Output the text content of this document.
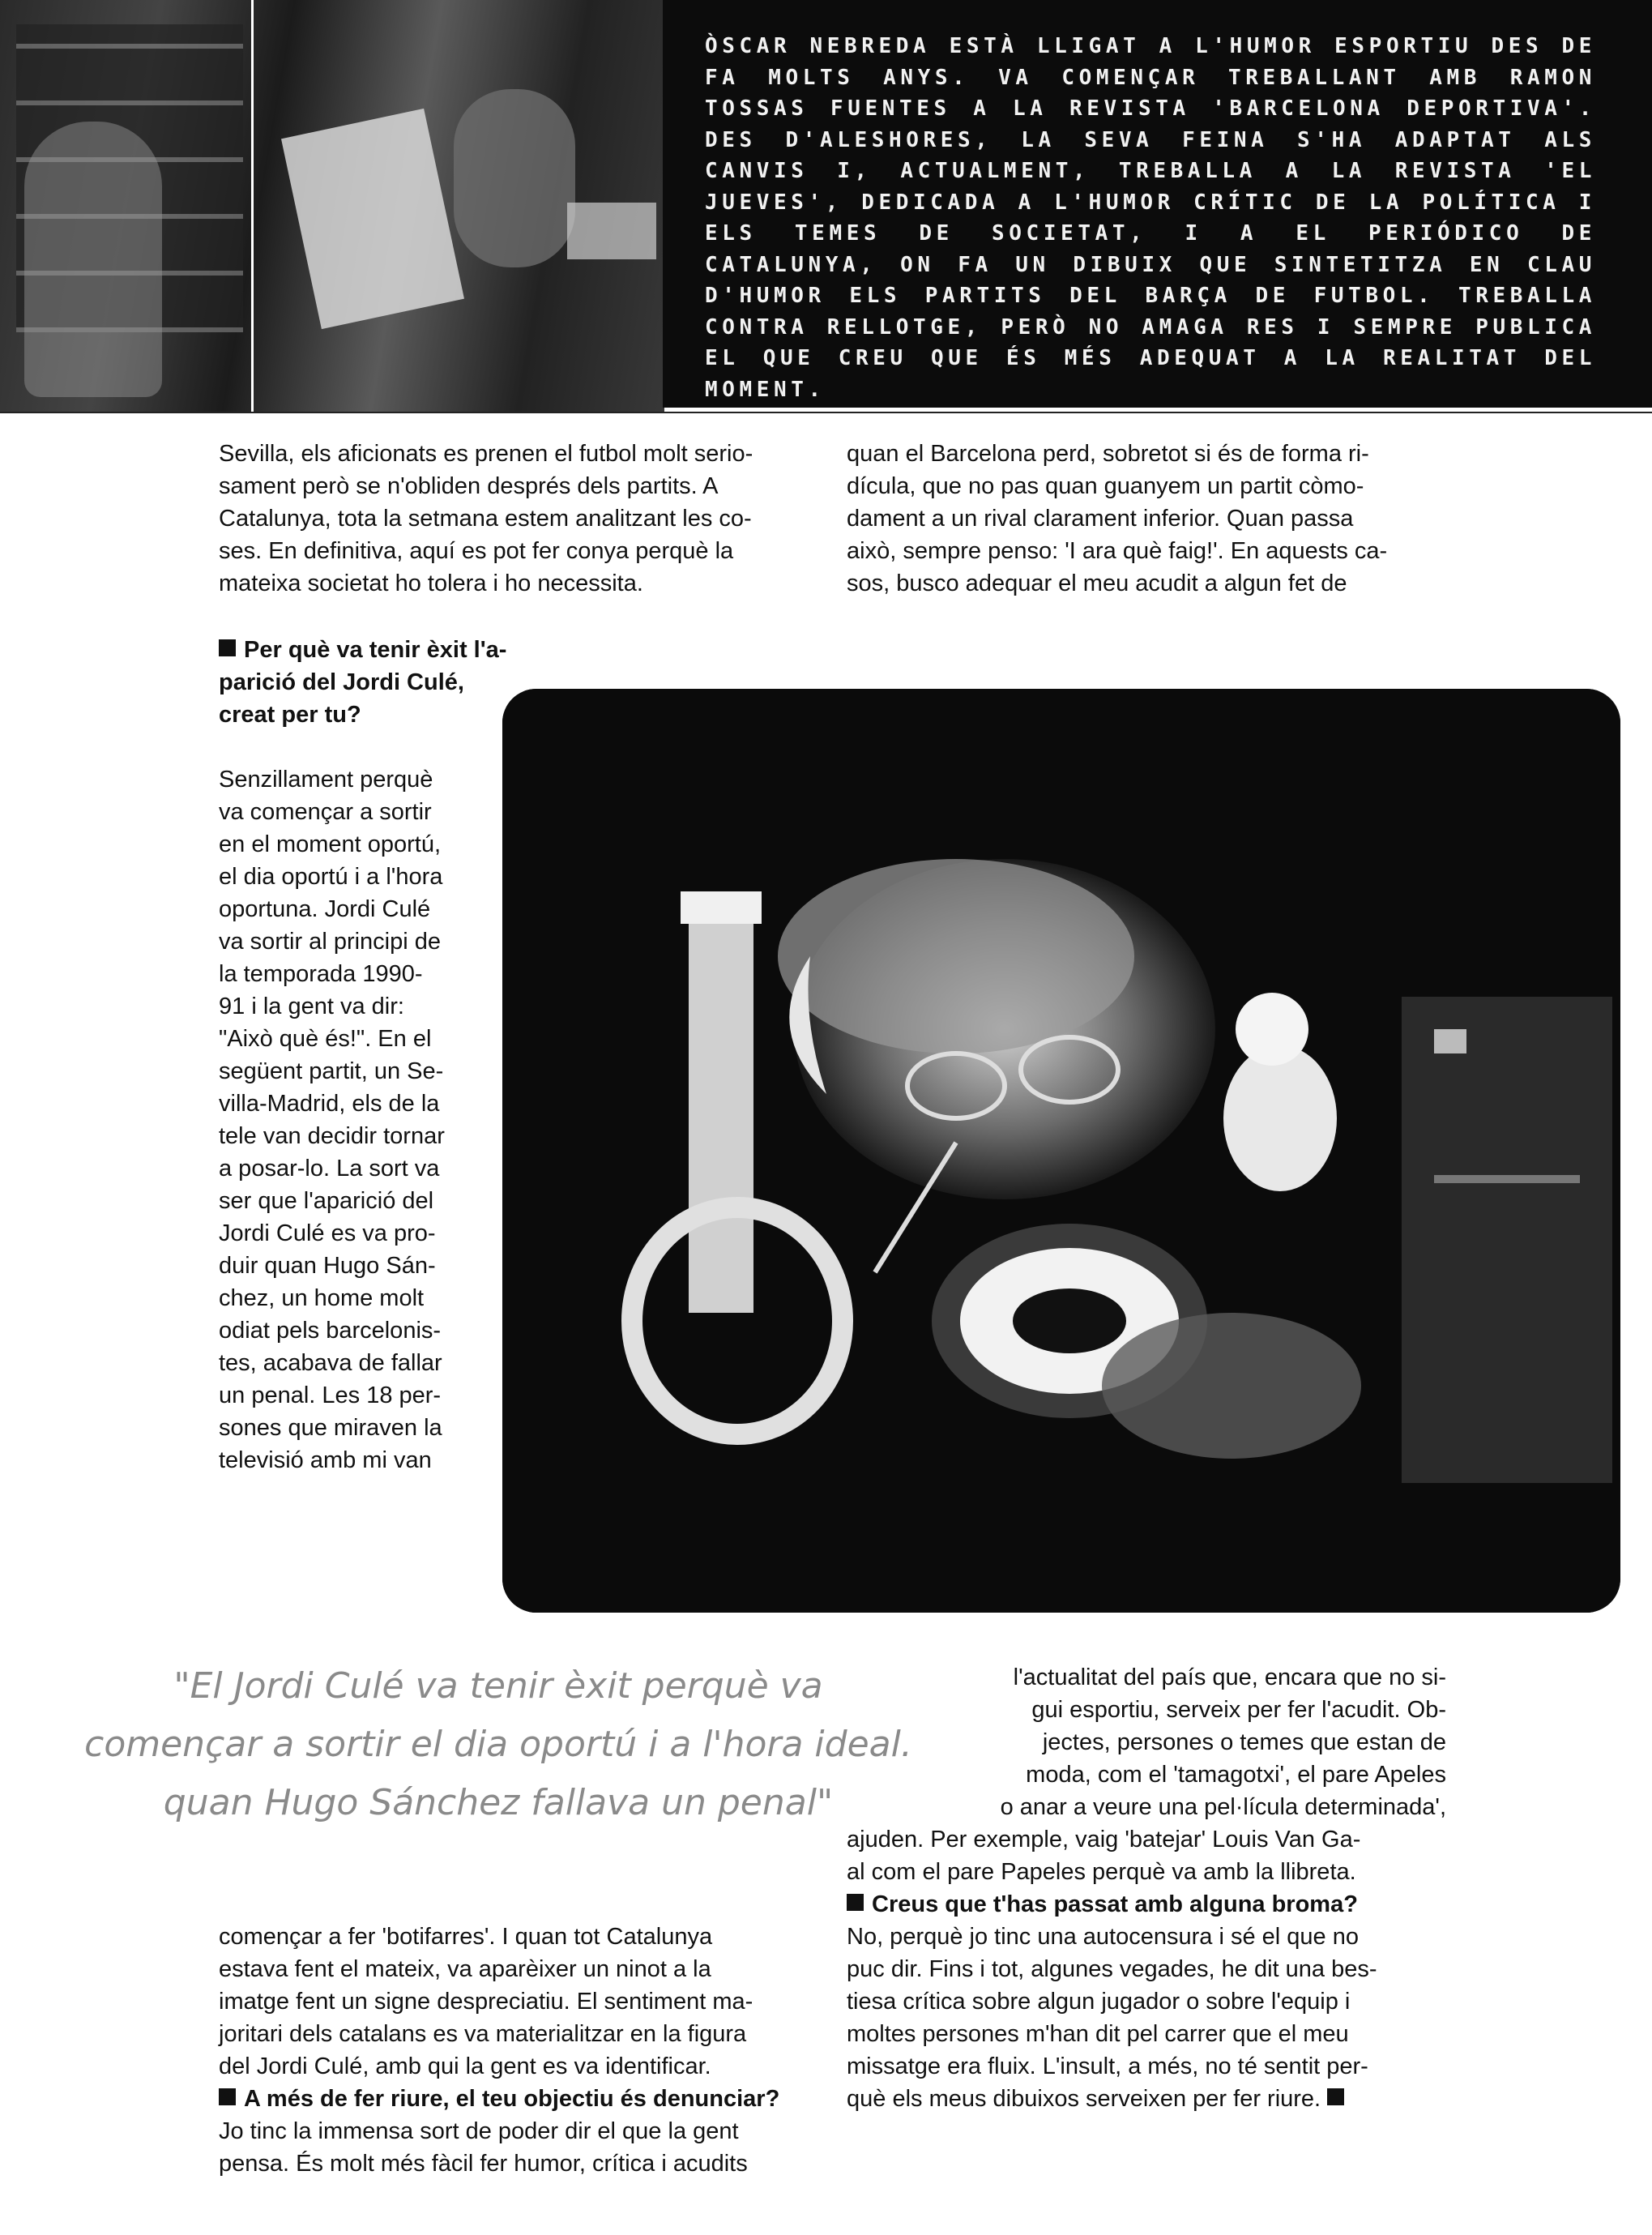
ÒSCAR NEBREDA ESTÀ LLIGAT A L'HUMOR ESPORTIU DES DE FA MOLTS ANYS. VA COMENÇAR TREBALLANT AMB RAMON TOSSAS FUENTES A LA REVISTA 'BARCELONA DEPORTIVA'. DES D'ALESHORES, LA SEVA FEINA S'HA ADAPTAT ALS CANVIS I, ACTUALMENT, TREBALLA A LA REVISTA 'EL JUEVES', DEDICADA A L'HUMOR CRÍTIC DE LA POLÍTICA I ELS TEMES DE SOCIETAT, I A EL PERIÓDICO DE CATALUNYA, ON FA UN DIBUIX QUE SINTETITZA EN CLAU D'HUMOR ELS PARTITS DEL BARÇA DE FUTBOL. TREBALLA CONTRA RELLOTGE, PERÒ NO AMAGA RES I SEMPRE PUBLICA EL QUE CREU QUE ÉS MÉS ADEQUAT A LA REALITAT DEL MOMENT.

Sevilla, els aficionats es prenen el futbol molt serio-

sament però se n'obliden després dels partits. A

Catalunya, tota la setmana estem analitzant les co-

ses. En definitiva, aquí es pot fer conya perquè la

mateixa societat ho tolera i ho necessita.

quan el Barcelona perd, sobretot si és de forma ri-

dícula, que no pas quan guanyem un partit còmo-

dament a un rival clarament inferior. Quan passa

això, sempre penso: 'I ara què faig!'. En aquests ca-

sos, busco adequar el meu acudit a algun fet de

Per què va tenir èxit l'a-

parició del Jordi Culé,

creat per tu?

Senzillament perquè

va començar a sortir

en el moment oportú,

el dia oportú i a l'hora

oportuna. Jordi Culé

va sortir al principi de

la temporada 1990-

91 i la gent va dir:

"Això què és!". En el

següent partit, un Se-

villa-Madrid, els de la

tele van decidir tornar

a posar-lo. La sort va

ser que l'aparició del

Jordi Culé es va pro-

duir quan Hugo Sán-

chez, un home molt

odiat pels barcelonis-

tes, acabava de fallar

un penal. Les 18 per-

sones que miraven la

televisió amb mi van

"El Jordi Culé va tenir èxit perquè va
començar a sortir el dia oportú i a l'hora ideal.
quan Hugo Sánchez fallava un penal"

l'actualitat del país que, encara que no si-

gui esportiu, serveix per fer l'acudit. Ob-

jectes, persones o temes que estan de

moda, com el 'tamagotxi', el pare Apeles

o anar a veure una pel·lícula determinada',

ajuden. Per exemple, vaig 'batejar' Louis Van Ga-

al com el pare Papeles perquè va amb la llibreta.

Creus que t'has passat amb alguna broma?

No, perquè jo tinc una autocensura i sé el que no

puc dir. Fins i tot, algunes vegades, he dit una bes-

tiesa crítica sobre algun jugador o sobre l'equip i

moltes persones m'han dit pel carrer que el meu

missatge era fluix. L'insult, a més, no té sentit per-

què els meus dibuixos serveixen per fer riure.

començar a fer 'botifarres'. I quan tot Catalunya

estava fent el mateix, va aparèixer un ninot a la

imatge fent un signe despreciatiu. El sentiment ma-

joritari dels catalans es va materialitzar en la figura

del Jordi Culé, amb qui la gent es va identificar.

A més de fer riure, el teu objectiu és denunciar?

Jo tinc la immensa sort de poder dir el que la gent

pensa. És molt més fàcil fer humor, crítica i acudits
